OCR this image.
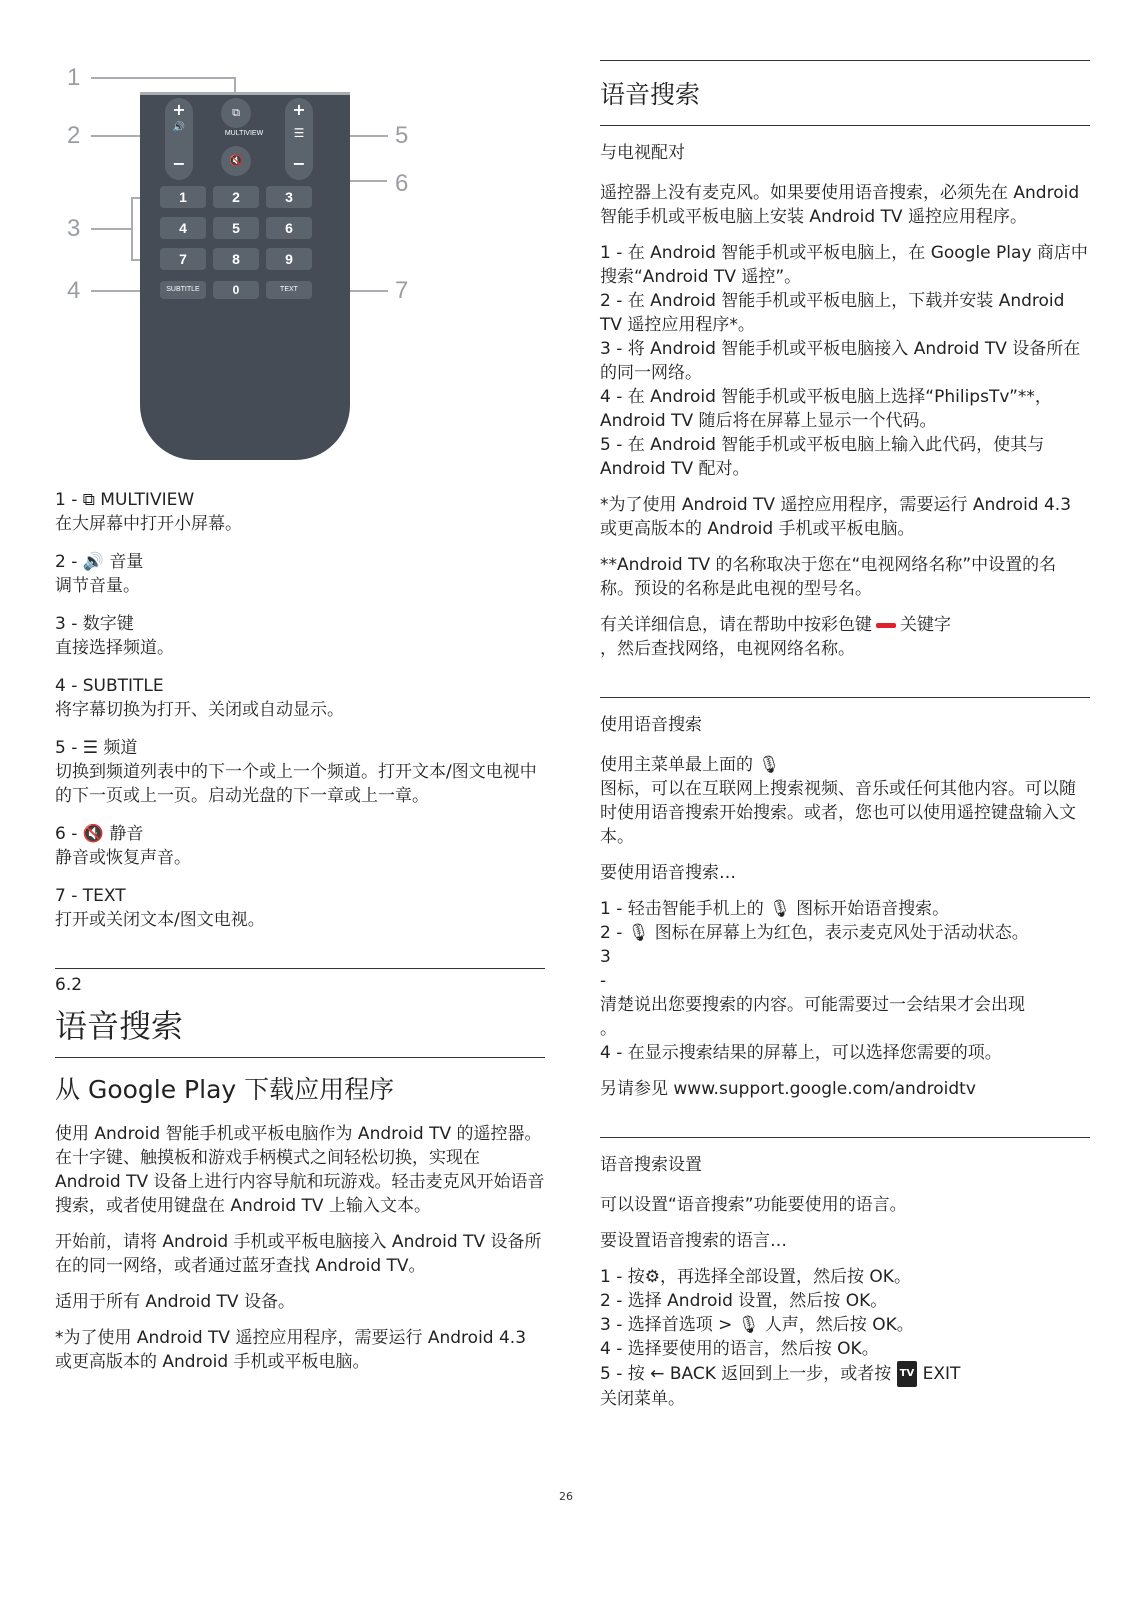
1
2
3
4
5
6
7
+
🔊
−
+
☰
−
⧉
MULTIVIEW
🔇
1	2	3
4	5	6
7	8	9
SUBTITLE	0	TEXT
1 - ⧉ MULTIVIEW
在大屏幕中打开小屏幕。
2 - 🔊 音量
调节音量。
3 - 数字键
直接选择频道。
4 - SUBTITLE
将字幕切换为打开、关闭或自动显示。
5 - ☰ 频道
切换到频道列表中的下一个或上一个频道。打开文本/图文电视中的下一页或上一页。启动光盘的下一章或上一章。
6 - 🔇 静音
静音或恢复声音。
7 - TEXT
打开或关闭文本/图文电视。
6.2
语音搜索
从 Google Play 下载应用程序

使用 Android 智能手机或平板电脑作为 Android TV 的遥控器。在十字键、触摸板和游戏手柄模式之间轻松切换，实现在 Android TV 设备上进行内容导航和玩游戏。轻击麦克风开始语音搜索，或者使用键盘在 Android TV 上输入文本。

开始前，请将 Android 手机或平板电脑接入 Android TV 设备所在的同一网络，或者通过蓝牙查找 Android TV。

适用于所有 Android TV 设备。

*为了使用 Android TV 遥控应用程序，需要运行 Android 4.3 或更高版本的 Android 手机或平板电脑。

语音搜索
与电视配对

遥控器上没有麦克风。如果要使用语音搜索，必须先在 Android 智能手机或平板电脑上安装 Android TV 遥控应用程序。

1 - 在 Android 智能手机或平板电脑上，在 Google Play 商店中搜索“Android TV 遥控”。
2 - 在 Android 智能手机或平板电脑上，下载并安装 Android TV 遥控应用程序*。
3 - 将 Android 智能手机或平板电脑接入 Android TV 设备所在的同一网络。
4 - 在 Android 智能手机或平板电脑上选择“PhilipsTv”**，Android TV 随后将在屏幕上显示一个代码。
5 - 在 Android 智能手机或平板电脑上输入此代码，使其与 Android TV 配对。

*为了使用 Android TV 遥控应用程序，需要运行 Android 4.3 或更高版本的 Android 手机或平板电脑。

**Android TV 的名称取决于您在“电视网络名称”中设置的名称。预设的名称是此电视的型号名。

有关详细信息，请在帮助中按彩色键 关键字
，然后查找网络，电视网络名称。

使用语音搜索

使用主菜单最上面的 🎙
图标，可以在互联网上搜索视频、音乐或任何其他内容。可以随时使用语音搜索开始搜索。或者，您也可以使用遥控键盘输入文本。

要使用语音搜索…

1 - 轻击智能手机上的 🎙 图标开始语音搜索。
2 - 🎙 图标在屏幕上为红色，表示麦克风处于活动状态。
3
-
清楚说出您要搜索的内容。可能需要过一会结果才会出现
。
4 - 在显示搜索结果的屏幕上，可以选择您需要的项。

另请参见 www.support.google.com/androidtv

语音搜索设置

可以设置“语音搜索”功能要使用的语言。

要设置语音搜索的语言…

1 - 按⚙，再选择全部设置，然后按 OK。
2 - 选择 Android 设置，然后按 OK。
3 - 选择首选项 > 🎙 人声，然后按 OK。
4 - 选择要使用的语言，然后按 OK。
5 - 按 ← BACK 返回到上一步，或者按 TV EXIT
关闭菜单。
26
